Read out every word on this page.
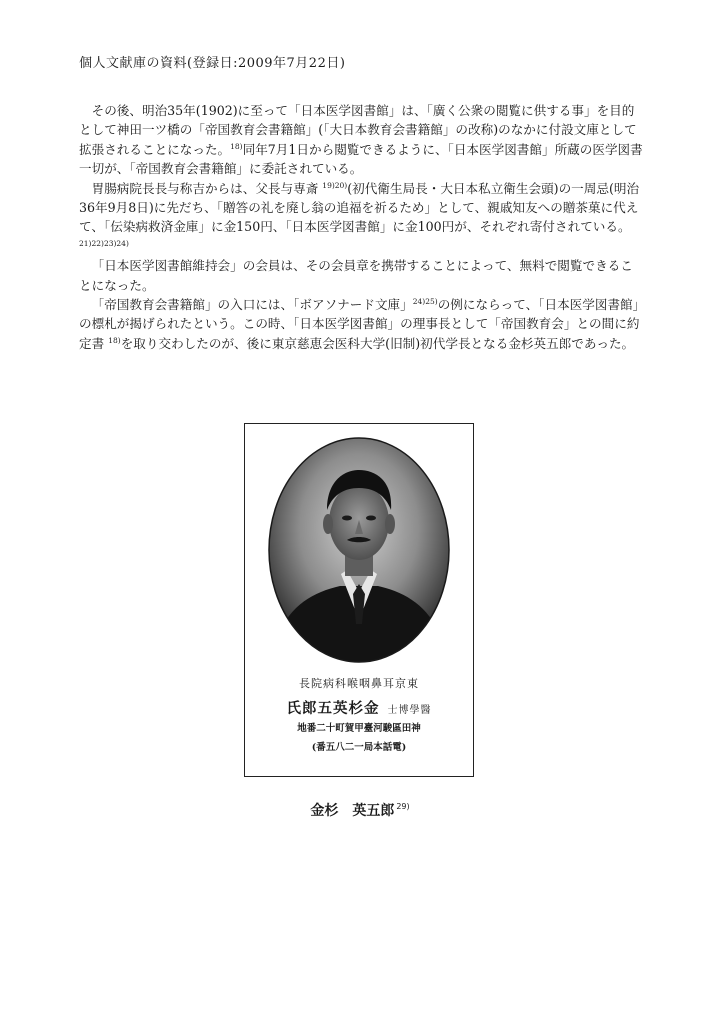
個人文献庫の資料(登録日:2009年7月22日)

その後、明治35年(1902)に至って「日本医学図書館」は、「廣く公衆の閲覧に供する事」を目的として神田一ツ橋の「帝国教育会書籍館」(「大日本教育会書籍館」の改称)のなかに付設文庫として拡張されることになった。$^{18)}$同年7月1日から閲覧できるように、「日本医学図書館」所蔵の医学図書一切が、「帝国教育会書籍館」に委託されている。

胃腸病院長長与称吉からは、父長与専斎 $^{19)20)}$(初代衛生局長・大日本私立衛生会頭)の一周忌(明治36年9月8日)に先だち、「贈答の礼を廃し翁の追福を祈るため」として、親戚知友への贈茶菓に代えて、「伝染病救済金庫」に金150円、「日本医学図書館」に金100円が、それぞれ寄付されている。$^{21)22)23)24)}$

「日本医学図書館維持会」の会員は、その会員章を携帯することによって、無料で閲覧できることになった。

「帝国教育会書籍館」の入口には、「ボアソナード文庫」$^{24)25)}$の例にならって、「日本医学図書館」の標札が揭げられたという。この時、「日本医学図書館」の理事長として「帝国教育会」との間に約定書 $^{18)}$を取り交わしたのが、後に東京慈恵会医科大学(旧制)初代学長となる金杉英五郎であった。

長院病科喉咽鼻耳京東
氏郎五英杉金 士博學醫
地番二十町賀甲臺河駿區田神
(番五八二一局本話電)
金杉　英五郎 $^{29)}$
